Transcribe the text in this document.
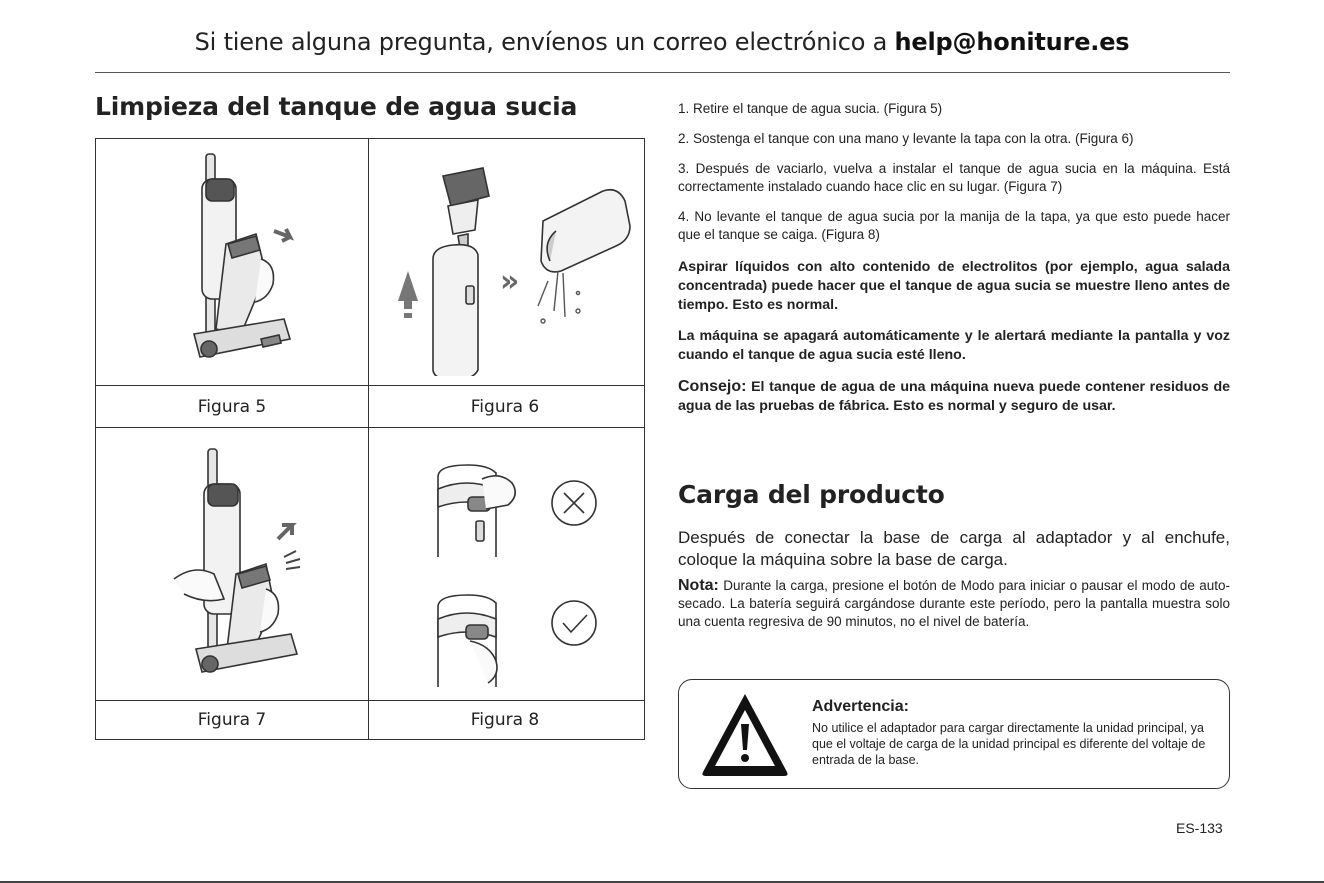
Si tiene alguna pregunta, envíenos un correo electrónico a help@honiture.es
Limpieza del tanque de agua sucia
»
Figura 5	Figura 6
Figura 7	Figura 8

1. Retire el tanque de agua sucia. (Figura 5)

2. Sostenga el tanque con una mano y levante la tapa con la otra. (Figura 6)

3. Después de vaciarlo, vuelva a instalar el tanque de agua sucia en la máquina. Está correctamente instalado cuando hace clic en su lugar. (Figura 7)

4. No levante el tanque de agua sucia por la manija de la tapa, ya que esto puede hacer que el tanque se caiga. (Figura 8)

Aspirar líquidos con alto contenido de electrolitos (por ejemplo, agua salada concentrada) puede hacer que el tanque de agua sucia se muestre lleno antes de tiempo. Esto es normal.

La máquina se apagará automáticamente y le alertará mediante la pantalla y voz cuando el tanque de agua sucia esté lleno.

Consejo: El tanque de agua de una máquina nueva puede contener residuos de agua de las pruebas de fábrica. Esto es normal y seguro de usar.

Carga del producto
Después de conectar la base de carga al adaptador y al enchufe, coloque la máquina sobre la base de carga.
Nota: Durante la carga, presione el botón de Modo para iniciar o pausar el modo de auto-secado. La batería seguirá cargándose durante este período, pero la pantalla muestra solo una cuenta regresiva de 90 minutos, no el nivel de batería.
Advertencia:
No utilice el adaptador para cargar directamente la unidad principal, ya que el voltaje de carga de la unidad principal es diferente del voltaje de entrada de la base.
ES-133
